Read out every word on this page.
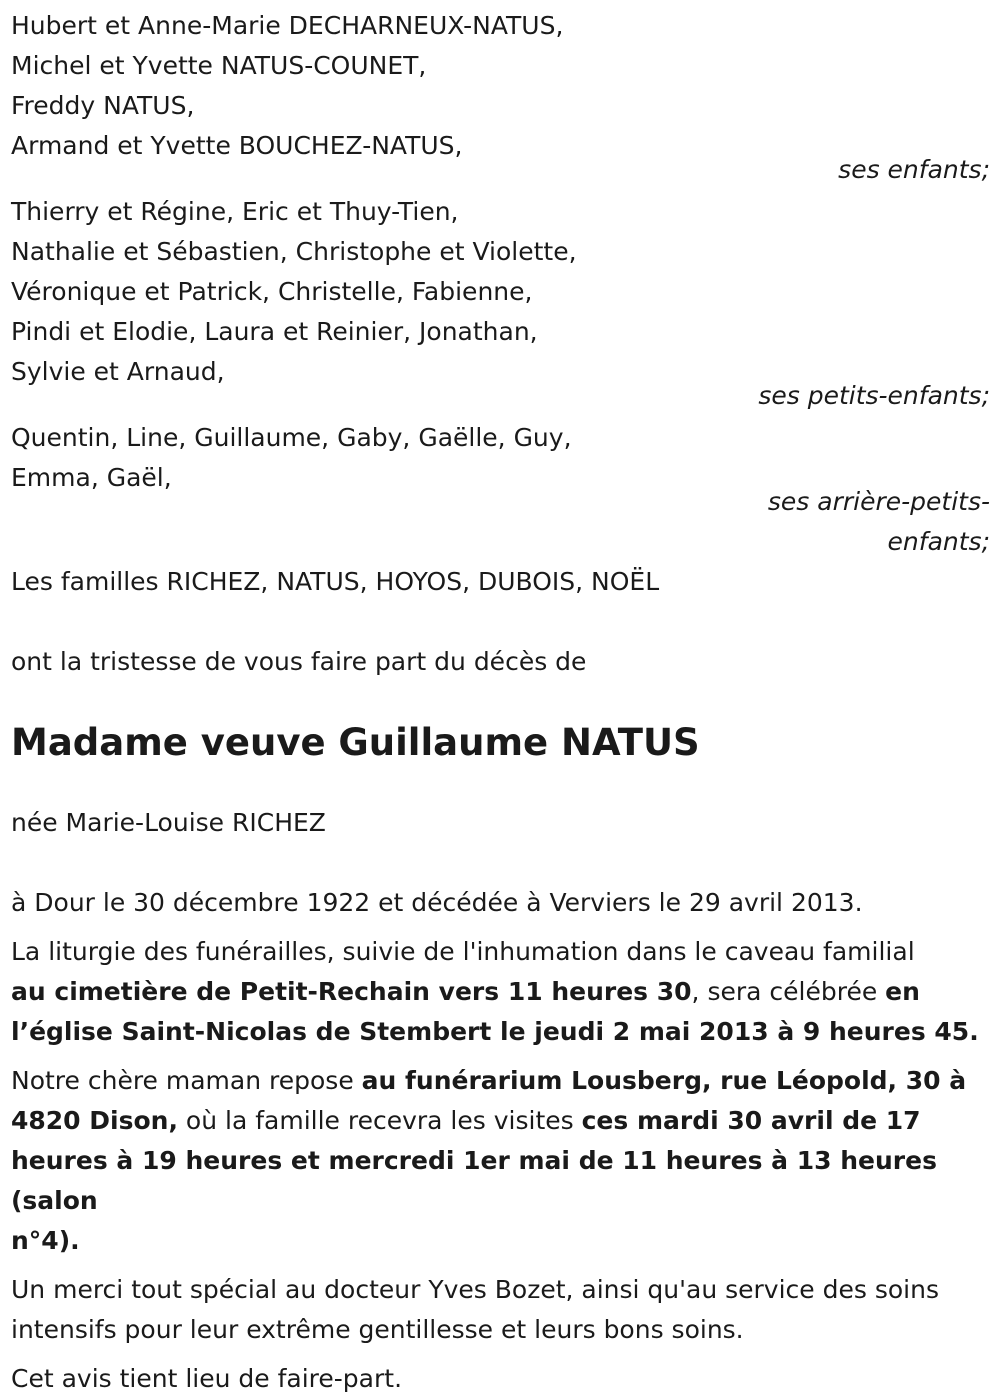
Hubert et Anne-Marie DECHARNEUX-NATUS,
Michel et Yvette NATUS-COUNET,
Freddy NATUS,
Armand et Yvette BOUCHEZ-NATUS,
ses enfants;
Thierry et Régine, Eric et Thuy-Tien,
Nathalie et Sébastien, Christophe et Violette,
Véronique et Patrick, Christelle, Fabienne,
Pindi et Elodie, Laura et Reinier, Jonathan,
Sylvie et Arnaud,
ses petits-enfants;
Quentin, Line, Guillaume, Gaby, Gaëlle, Guy,
Emma, Gaël,
ses arrière-petits-
enfants;
Les familles RICHEZ, NATUS, HOYOS, DUBOIS, NOËL
ont la tristesse de vous faire part du décès de
Madame veuve Guillaume NATUS
née Marie-Louise RICHEZ
à Dour le 30 décembre 1922 et décédée à Verviers le 29 avril 2013.
La liturgie des funérailles, suivie de l'inhumation dans le caveau familial
au cimetière de Petit-Rechain vers 11 heures 30, sera célébrée en
l’église Saint-Nicolas de Stembert le jeudi 2 mai 2013 à 9 heures 45.
Notre chère maman repose au funérarium Lousberg, rue Léopold, 30 à
4820 Dison, où la famille recevra les visites ces mardi 30 avril de 17
heures à 19 heures et mercredi 1er mai de 11 heures à 13 heures (salon
n°4).
Un merci tout spécial au docteur Yves Bozet, ainsi qu'au service des soins
intensifs pour leur extrême gentillesse et leurs bons soins.
Cet avis tient lieu de faire-part.
